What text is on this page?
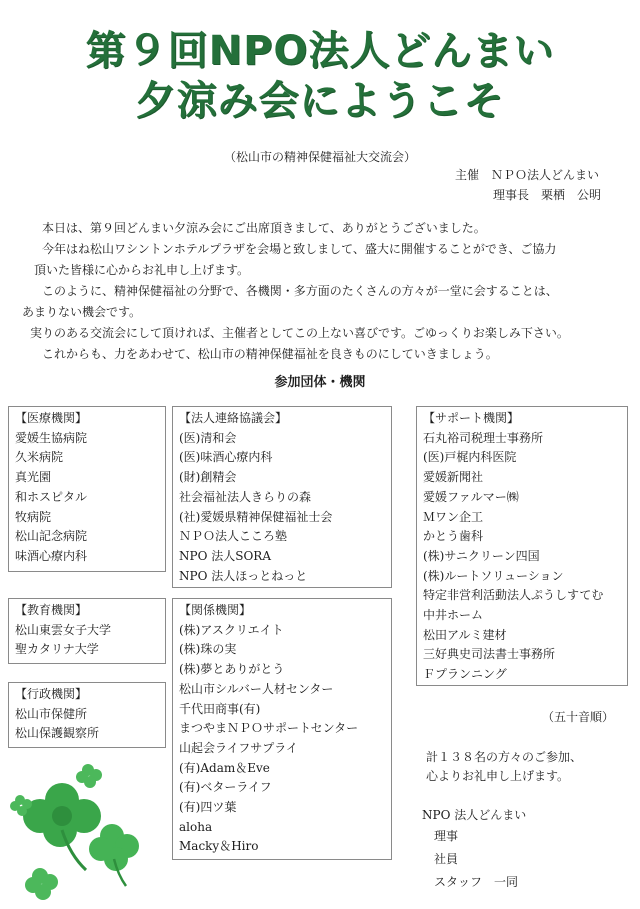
第９回NPO法人どんまい
夕涼み会にようこそ
（松山市の精神保健福祉大交流会）
主催　ＮＰＯ法人どんまい
理事長　栗栖　公明

　本日は、第９回どんまい夕涼み会にご出席頂きまして、ありがとうございました。

　今年はね松山ワシントンホテルプラザを会場と致しまして、盛大に開催することができ、ご協力

頂いた皆様に心からお礼申し上げます。

　このように、精神保健福祉の分野で、各機関・多方面のたくさんの方々が一堂に会することは、

あまりない機会です。

実りのある交流会にして頂ければ、主催者としてこの上ない喜びです。ごゆっくりお楽しみ下さい。

　これからも、力をあわせて、松山市の精神保健福祉を良きものにしていきましょう。

参加団体・機関
【医療機関】
愛媛生協病院
久米病院
真光園
和ホスピタル
牧病院
松山記念病院
味酒心療内科
【教育機関】
松山東雲女子大学
聖カタリナ大学
【行政機関】
松山市保健所
松山保護観察所
【法人連絡協議会】
(医)清和会
(医)味酒心療内科
(財)創精会
社会福祉法人きらりの森
(社)愛媛県精神保健福祉士会
ＮＰＯ法人こころ塾
NPO 法人SORA
NPO 法人ほっとねっと
【関係機関】
(株)アスクリエイト
(株)珠の実
(株)夢とありがとう
松山市シルバー人材センター
千代田商事(有)
まつやまＮＰＯサポートセンター
山起会ライフサプライ
(有)Adam＆Eve
(有)ベターライフ
(有)四ツ葉
aloha
Macky＆Hiro
【サポート機関】
石丸裕司税理士事務所
(医)戸梶内科医院
愛媛新聞社
愛媛ファルマー㈱
Ｍワン企工
かとう歯科
(株)サニクリーン四国
(株)ルートソリューション
特定非営利活動法人ぷうしすてむ
中井ホーム
松田アルミ建材
三好典史司法書士事務所
Ｆプランニング
（五十音順）
計１３８名の方々のご参加、
心よりお礼申し上げます。
NPO 法人どんまい
理事
社員
スタッフ　一同
